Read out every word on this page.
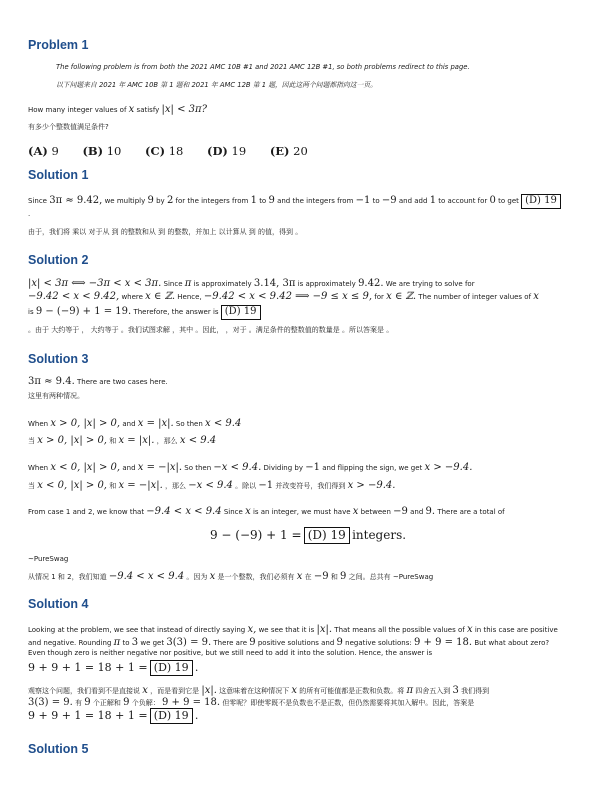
Problem 1
The following problem is from both the 2021 AMC 10B #1 and 2021 AMC 12B #1, so both problems redirect to this page.
以下问题来自 2021 年 AMC 10B 第 1 题和 2021 年 AMC 12B 第 1 题，因此这两个问题都指向这一页。
How many integer values of x satisfy |x| < 3π?
有多少个整数值满足条件?
(A) 9 (B) 10 (C) 18 (D) 19 (E) 20
Solution 1
Since 3π ≈ 9.42, we multiply 9 by 2 for the integers from 1 to 9 and the integers from −1 to −9 and add 1 to account for 0 to get (D) 19
.
由于，我们将 乘以 对于从 到 的整数和从 到 的整数，并加上 以计算从 到 的值，得到 。
Solution 2
|x| < 3π ⟺ −3π < x < 3π. Since π is approximately 3.14, 3π is approximately 9.42. We are trying to solve for
−9.42 < x < 9.42, where x ∈ ℤ. Hence, −9.42 < x < 9.42 ⟹ −9 ≤ x ≤ 9, for x ∈ ℤ. The number of integer values of x
is 9 − (−9) + 1 = 19. Therefore, the answer is (D) 19
。由于 大约等于 ， 大约等于 。我们试图求解 ，其中 。因此， ，对于 。满足条件的整数值的数量是 。所以答案是 。
Solution 3
3π ≈ 9.4. There are two cases here.
这里有两种情况。
When x > 0, |x| > 0, and x = |x|. So then x < 9.4
当 x > 0, |x| > 0, 和 x = |x|. ，那么 x < 9.4
When x < 0, |x| > 0, and x = −|x|. So then −x < 9.4. Dividing by −1 and flipping the sign, we get x > −9.4.
当 x < 0, |x| > 0, 和 x = −|x|. ，那么 −x < 9.4 。除以 −1 并改变符号，我们得到 x > −9.4.
From case 1 and 2, we know that −9.4 < x < 9.4 Since x is an integer, we must have x between −9 and 9. There are a total of
9 − (−9) + 1 = (D) 19 integers.
~PureSwag
从情况 1 和 2，我们知道 −9.4 < x < 9.4 。因为 x 是一个整数，我们必须有 x 在 −9 和 9 之间。总共有 ~PureSwag
Solution 4
Looking at the problem, we see that instead of directly saying x, we see that it is |x|. That means all the possible values of x in this case are positive
and negative. Rounding π to 3 we get 3(3) = 9. There are 9 positive solutions and 9 negative solutions: 9 + 9 = 18. But what about zero?
Even though zero is neither negative nor positive, but we still need to add it into the solution. Hence, the answer is
9 + 9 + 1 = 18 + 1 = (D) 19 .
观察这个问题，我们看到不是直接说 x ，而是看到它是 |x|. 这意味着在这种情况下 x 的所有可能值都是正数和负数。将 π 四舍五入到 3 我们得到
3(3) = 9. 有 9 个正解和 9 个负解： 9 + 9 = 18. 但零呢？即使零既不是负数也不是正数，但仍然需要将其加入解中。因此，答案是
9 + 9 + 1 = 18 + 1 = (D) 19 .
Solution 5
